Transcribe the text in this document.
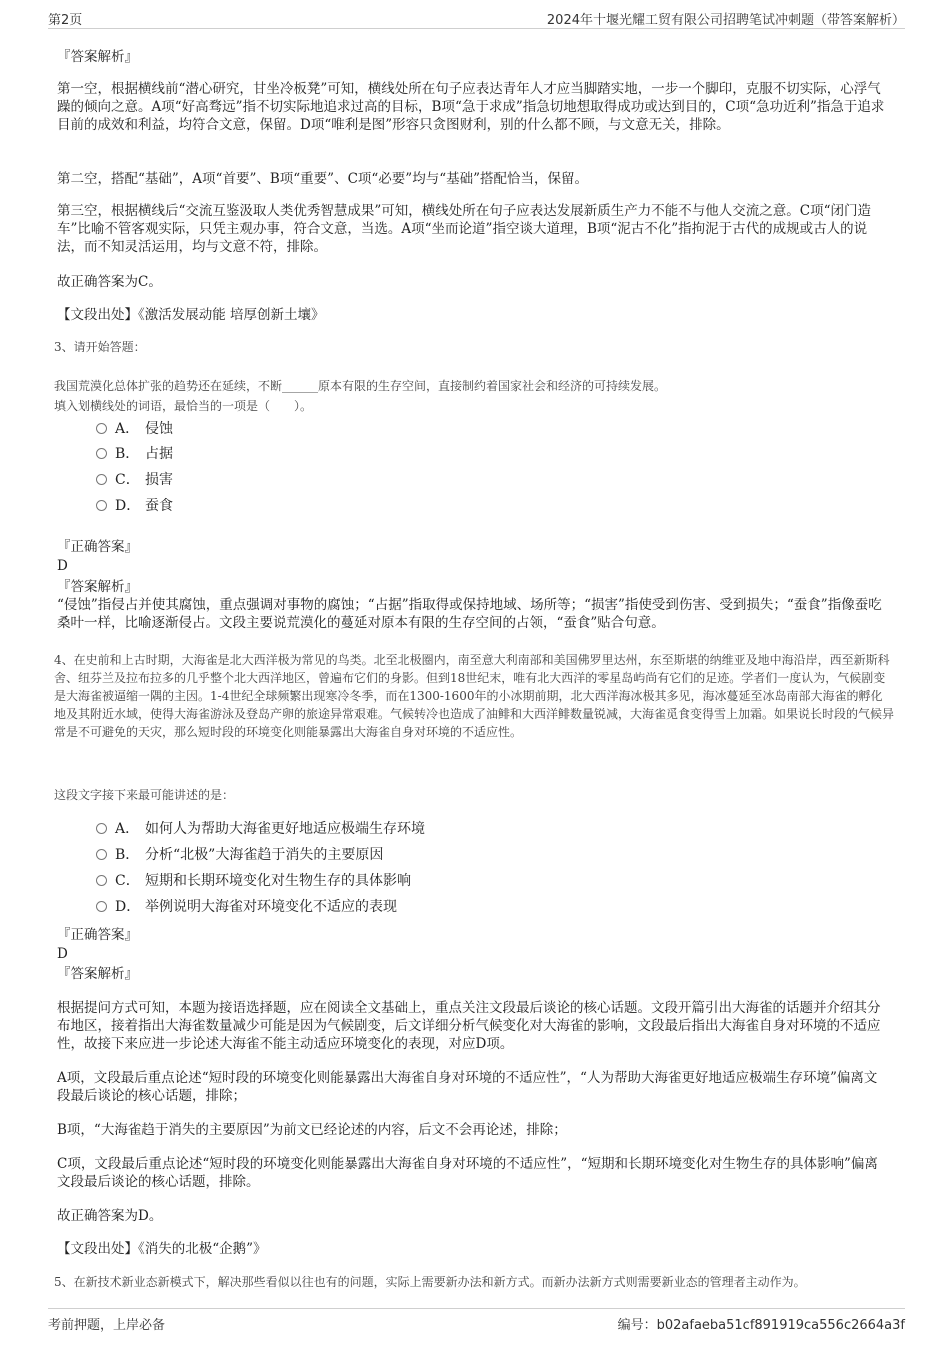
第2页	2024年十堰光耀工贸有限公司招聘笔试冲刺题（带答案解析）
『答案解析』
第一空，根据横线前“潜心研究，甘坐冷板凳”可知，横线处所在句子应表达青年人才应当脚踏实地，一步一个脚印，克服不切实际，心浮气躁的倾向之意。A项“好高骛远”指不切实际地追求过高的目标，B项“急于求成”指急切地想取得成功或达到目的，C项“急功近利”指急于追求目前的成效和利益，均符合文意，保留。D项“唯利是图”形容只贪图财利，别的什么都不顾，与文意无关，排除。
第二空，搭配“基础”，A项“首要”、B项“重要”、C项“必要”均与“基础”搭配恰当，保留。
第三空，根据横线后“交流互鉴汲取人类优秀智慧成果”可知，横线处所在句子应表达发展新质生产力不能不与他人交流之意。C项“闭门造车”比喻不管客观实际，只凭主观办事，符合文意，当选。A项“坐而论道”指空谈大道理，B项“泥古不化”指拘泥于古代的成规或古人的说法，而不知灵活运用，均与文意不符，排除。
故正确答案为C。
【文段出处】《激活发展动能 培厚创新土壤》
3、请开始答题：
我国荒漠化总体扩张的趋势还在延续，不断______原本有限的生存空间，直接制约着国家社会和经济的可持续发展。
填入划横线处的词语，最恰当的一项是（　　）。
A． 侵蚀
B． 占据
C． 损害
D． 蚕食
『正确答案』
D
『答案解析』
“侵蚀”指侵占并使其腐蚀，重点强调对事物的腐蚀；“占据”指取得或保持地域、场所等；“损害”指使受到伤害、受到损失；“蚕食”指像蚕吃桑叶一样，比喻逐渐侵占。文段主要说荒漠化的蔓延对原本有限的生存空间的占领，“蚕食”贴合句意。
4、在史前和上古时期，大海雀是北大西洋极为常见的鸟类。北至北极圈内，南至意大利南部和美国佛罗里达州，东至斯堪的纳维亚及地中海沿岸，西至新斯科舍、纽芬兰及拉布拉多的几乎整个北大西洋地区，曾遍布它们的身影。但到18世纪末，唯有北大西洋的零星岛屿尚有它们的足迹。学者们一度认为，气候剧变是大海雀被逼缩一隅的主因。1-4世纪全球频繁出现寒冷冬季，而在1300-1600年的小冰期前期，北大西洋海冰极其多见，海冰蔓延至冰岛南部大海雀的孵化地及其附近水域，使得大海雀游泳及登岛产卵的旅途异常艰难。气候转冷也造成了油鲱和大西洋鲱数量锐减，大海雀觅食变得雪上加霜。如果说长时段的气候异常是不可避免的天灾，那么短时段的环境变化则能暴露出大海雀自身对环境的不适应性。
这段文字接下来最可能讲述的是：
A． 如何人为帮助大海雀更好地适应极端生存环境
B． 分析“北极”大海雀趋于消失的主要原因
C． 短期和长期环境变化对生物生存的具体影响
D． 举例说明大海雀对环境变化不适应的表现
『正确答案』
D
『答案解析』
根据提问方式可知，本题为接语选择题，应在阅读全文基础上，重点关注文段最后谈论的核心话题。文段开篇引出大海雀的话题并介绍其分布地区，接着指出大海雀数量减少可能是因为气候剧变，后文详细分析气候变化对大海雀的影响，文段最后指出大海雀自身对环境的不适应性，故接下来应进一步论述大海雀不能主动适应环境变化的表现，对应D项。
A项，文段最后重点论述“短时段的环境变化则能暴露出大海雀自身对环境的不适应性”，“人为帮助大海雀更好地适应极端生存环境”偏离文段最后谈论的核心话题，排除；
B项，“大海雀趋于消失的主要原因”为前文已经论述的内容，后文不会再论述，排除；
C项，文段最后重点论述“短时段的环境变化则能暴露出大海雀自身对环境的不适应性”，“短期和长期环境变化对生物生存的具体影响”偏离文段最后谈论的核心话题，排除。
故正确答案为D。
【文段出处】《消失的北极“企鹅”》
5、在新技术新业态新模式下，解决那些看似以往也有的问题，实际上需要新办法和新方式。而新办法新方式则需要新业态的管理者主动作为。
考前押题，上岸必备	编号：b02afaeba51cf891919ca556c2664a3f
